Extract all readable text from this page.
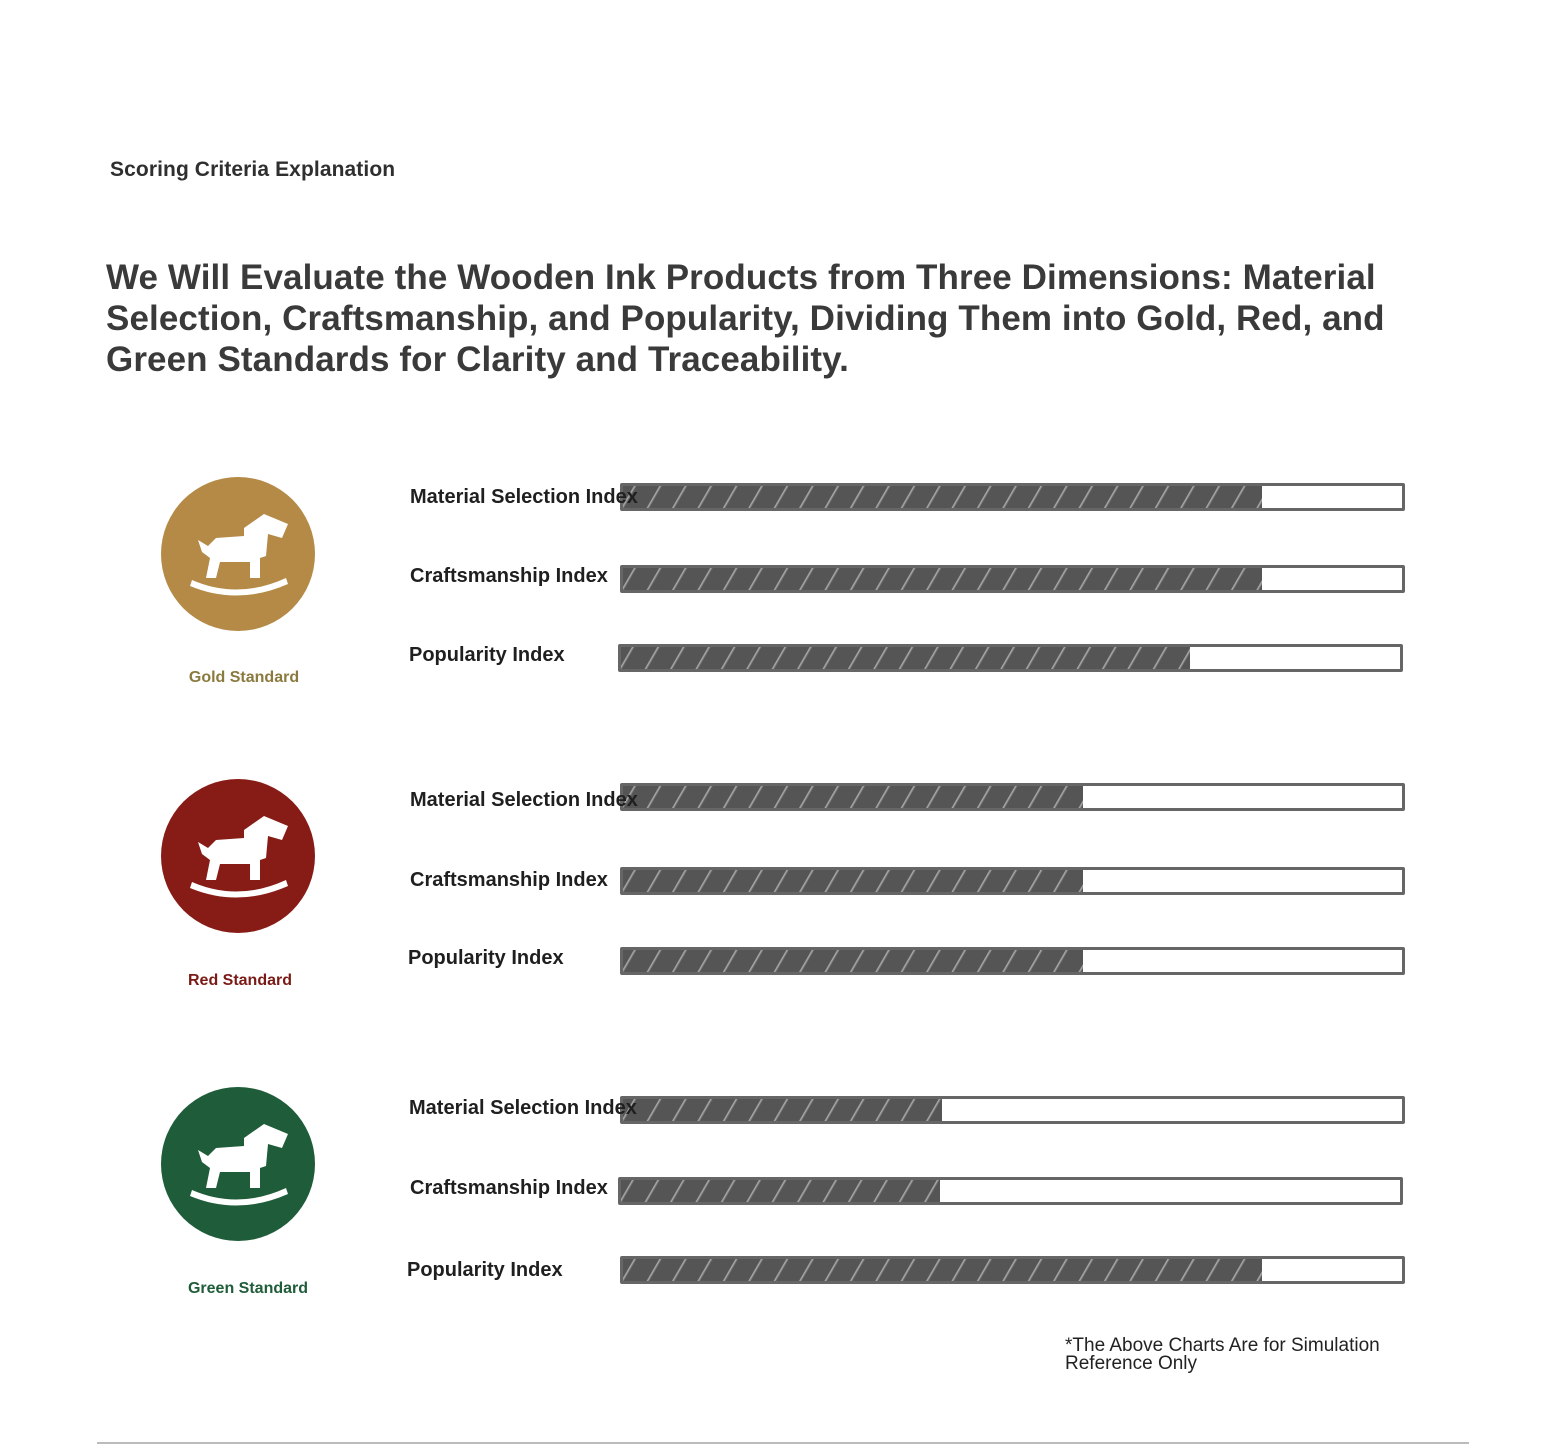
Scoring Criteria Explanation
We Will Evaluate the Wooden Ink Products from Three Dimensions: Material
Selection, Craftsmanship, and Popularity, Dividing Them into Gold, Red, and
Green Standards for Clarity and Traceability.
Gold Standard
Material Selection Index
Craftsmanship Index
Popularity Index
Red Standard
Material Selection Index
Craftsmanship Index
Popularity Index
Green Standard
Material Selection Index
Craftsmanship Index
Popularity Index
*The Above Charts Are for Simulation Reference Only
